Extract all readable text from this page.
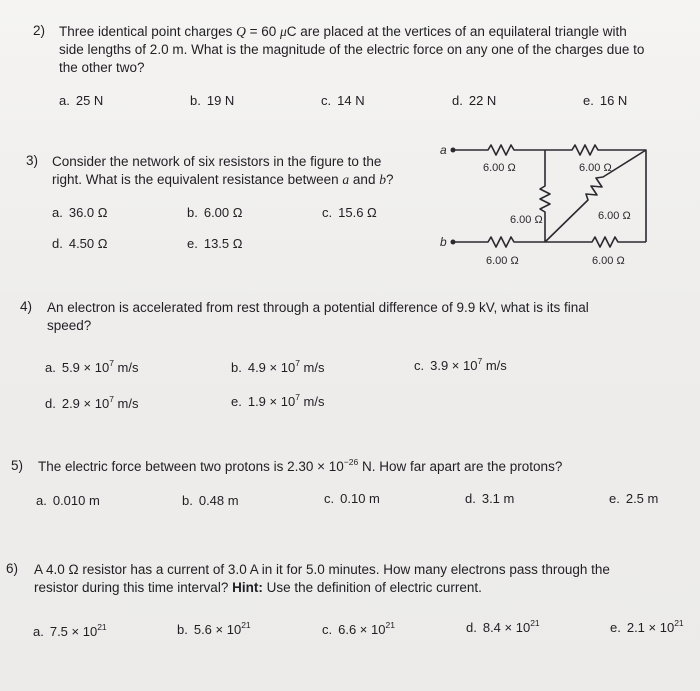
2) Three identical point charges Q = 60 μC are placed at the vertices of an equilateral triangle with
side lengths of 2.0 m. What is the magnitude of the electric force on any one of the charges due to
the other two?
a. 25 N	b. 19 N	c. 14 N	d. 22 N	e. 16 N
3) Consider the network of six resistors in the figure to the
right. What is the equivalent resistance between a and b?
a. 36.0 Ω	b. 6.00 Ω	c. 15.6 Ω
d. 4.50 Ω	e. 13.5 Ω
a
b
6.00 Ω	6.00 Ω
6.00 Ω	6.00 Ω
6.00 Ω	6.00 Ω
4) An electron is accelerated from rest through a potential difference of 9.9 kV, what is its final
speed?
a. $5.9 \times 10^7$ m/s	b. $4.9 \times 10^7$ m/s	c. $3.9 \times 10^7$ m/s
d. $2.9 \times 10^7$ m/s	e. $1.9 \times 10^7$ m/s
5) The electric force between two protons is $2.30 \times 10^{-26}$ N. How far apart are the protons?
a. 0.010 m	b. 0.48 m	c. 0.10 m	d. 3.1 m	e. 2.5 m
6) A 4.0 Ω resistor has a current of 3.0 A in it for 5.0 minutes. How many electrons pass through the
resistor during this time interval? Hint: Use the definition of electric current.
a. $7.5 \times 10^{21}$	b. $5.6 \times 10^{21}$	c. $6.6 \times 10^{21}$	d. $8.4 \times 10^{21}$	e. $2.1 \times 10^{21}$
